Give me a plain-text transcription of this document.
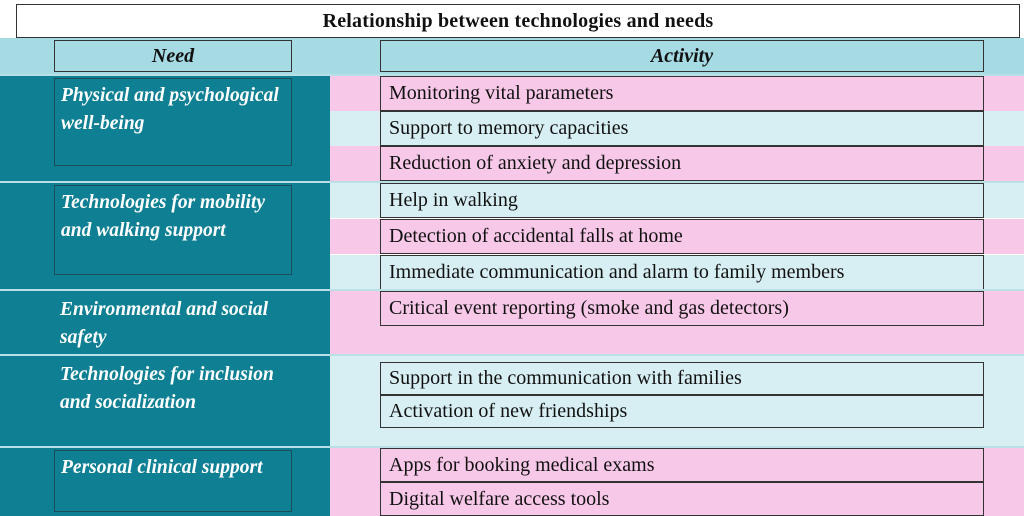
Relationship between technologies and needs
Need	Activity
Physical and psychological well-being
Monitoring vital parameters
Support to memory capacities
Reduction of anxiety and depression
Technologies for mobility and walking support
Help in walking
Detection of accidental falls at home
Immediate communication and alarm to family members
Environmental and social safety
Critical event reporting (smoke and gas detectors)
Technologies for inclusion and socialization
Support in the communication with families
Activation of new friendships
Personal clinical support	Apps for booking medical exams
Digital welfare access tools
